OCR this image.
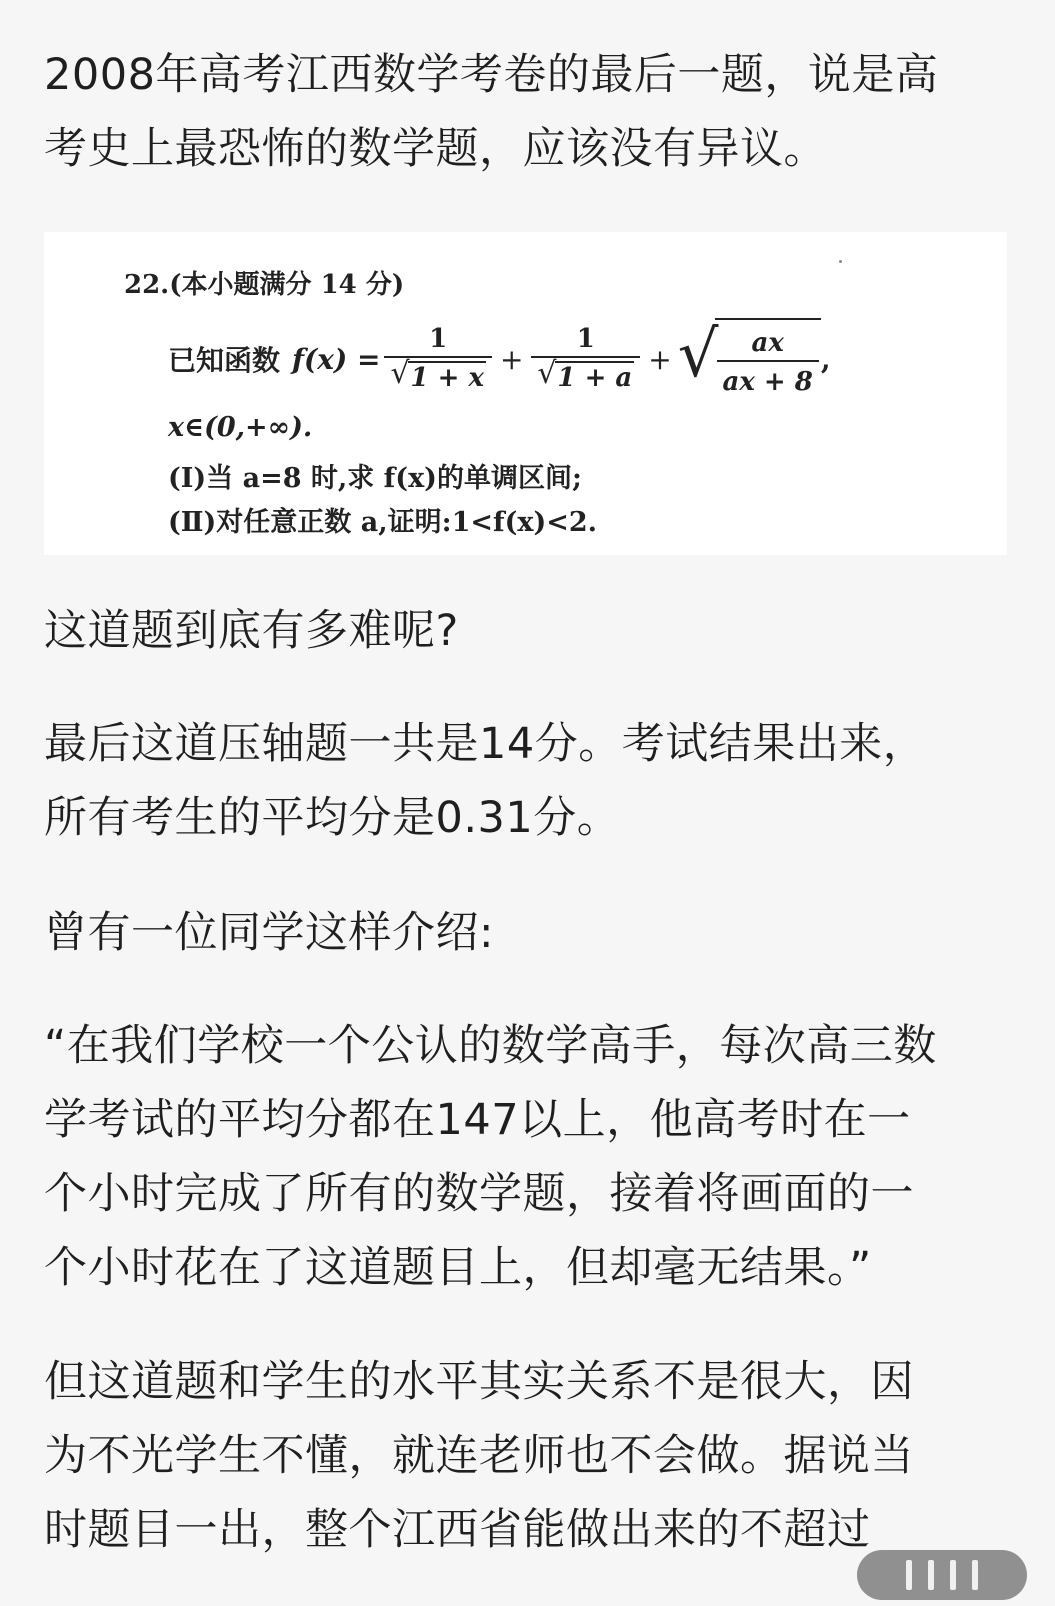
2008年高考江西数学考卷的最后一题，说是高
考史上最恐怖的数学题，应该没有异议。

22.(本小题满分 14 分)
已知函数 f(x) = 1
√ 1 + x + 1
√ 1 + a + √
$\frac{ax}{ax + 8}$ ,
x∈(0,+∞).
(Ⅰ)当 a=8 时,求 f(x)的单调区间;
(Ⅱ)对任意正数 a,证明:1<f(x)<2.

这道题到底有多难呢?

最后这道压轴题一共是14分。考试结果出来，
所有考生的平均分是0.31分。

曾有一位同学这样介绍:

“在我们学校一个公认的数学高手，每次高三数
学考试的平均分都在147以上，他高考时在一
个小时完成了所有的数学题，接着将画面的一
个小时花在了这道题目上，但却毫无结果。”

但这道题和学生的水平其实关系不是很大，因
为不光学生不懂，就连老师也不会做。据说当
时题目一出，整个江西省能做出来的不超过
